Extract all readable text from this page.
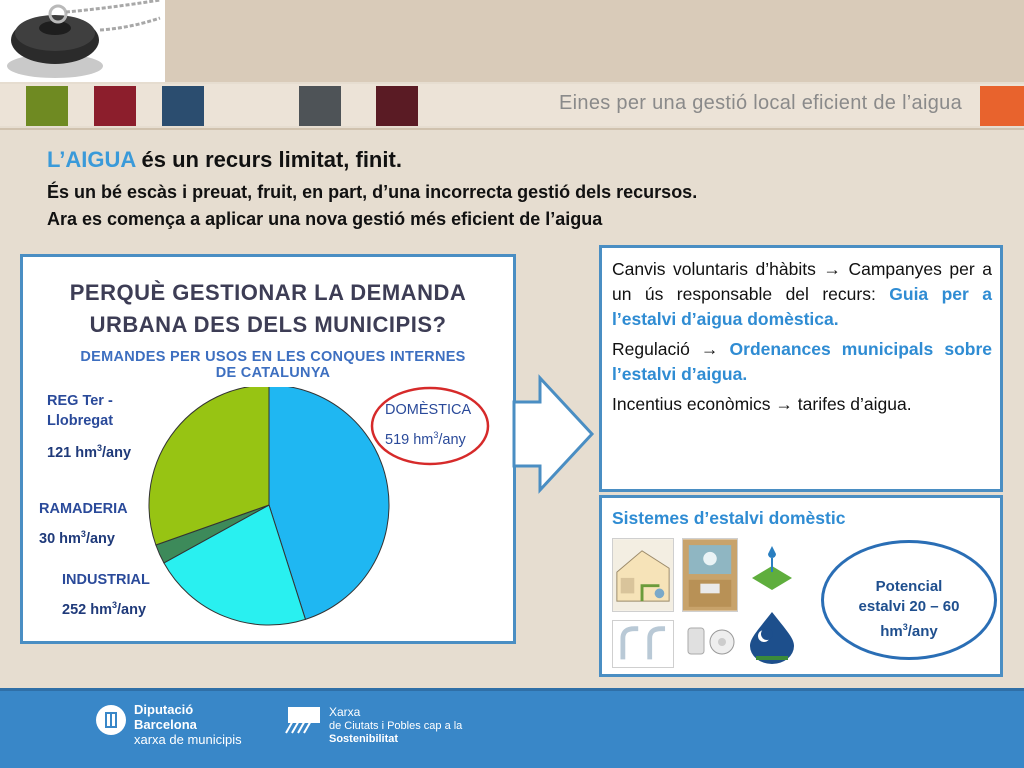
Eines per una gestió local eficient de l’aigua
L’AIGUA és un recurs limitat, finit.
És un bé escàs i preuat, fruit, en part, d’una incorrecta gestió dels recursos.
Ara es comença a aplicar una nova gestió més eficient de l’aigua
PERQUÈ GESTIONAR LA DEMANDA
URBANA DES DELS MUNICIPIS?
DEMANDES PER USOS EN LES CONQUES INTERNES
DE CATALUNYA
REG Ter -
Llobregat
121 $hm^3$/any
RAMADERIA
30 $hm^3$/any
INDUSTRIAL
252 $hm^3$/any
DOMÈSTICA
519 $hm^3$/any

Canvis voluntaris d’hàbits → Campanyes per a un ús responsable del recurs: Guia per a l’estalvi d’aigua domèstica.

Regulació → Ordenances municipals sobre l’estalvi d’aigua.

Incentius econòmics → tarifes d’aigua.

Sistemes d’estalvi domèstic
Potencial
estalvi 20 – 60
$hm^3$/any
Diputació
Barcelona
xarxa de municipis
Xarxa
de Ciutats i Pobles cap a la
Sostenibilitat
